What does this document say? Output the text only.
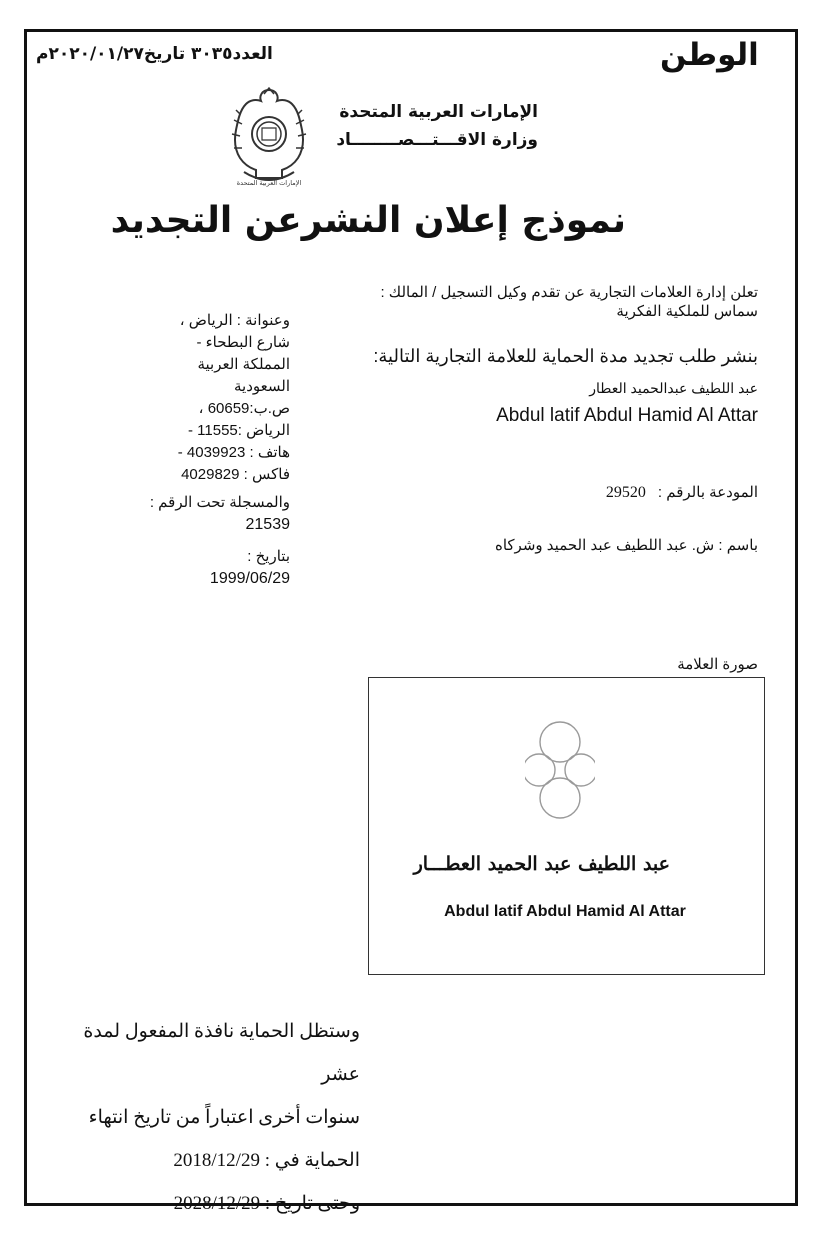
الوطن
العدد٣٠٣٥ تاريخ٢٠٢٠/٠١/٢٧م
الإمارات العربية المتحدة
الإمارات العربية المتحدة
وزارة الاقـــتـــصــــــــاد
نموذج إعلان النشرعن التجديد
تعلن إدارة العلامات التجارية عن تقدم وكيل التسجيل / المالك :
سماس للملكية الفكرية
بنشر طلب تجديد مدة الحماية للعلامة التجارية التالية:
عبد اللطيف عبدالحميد العطار
Abdul latif Abdul Hamid Al Attar
المودعة بالرقم :29520
باسم : ش. عبد اللطيف عبد الحميد وشركاه
وعنوانة : الرياض ،
شارع البطحاء -
المملكة العربية
السعودية
ص.ب:60659 ،
الرياض :11555 -
هاتف : 4039923 -
فاكس : 4029829
والمسجلة تحت الرقم :
21539
بتاريخ :
1999/06/29
صورة العلامة
عبد اللطيف عبد الحميد العطـــار
Abdul latif Abdul Hamid Al Attar
وستظل الحماية نافذة المفعول لمدة عشر
سنوات أخرى اعتباراً من تاريخ انتهاء
الحماية في : 2018/12/29
وحتى تاريخ : 2028/12/29
